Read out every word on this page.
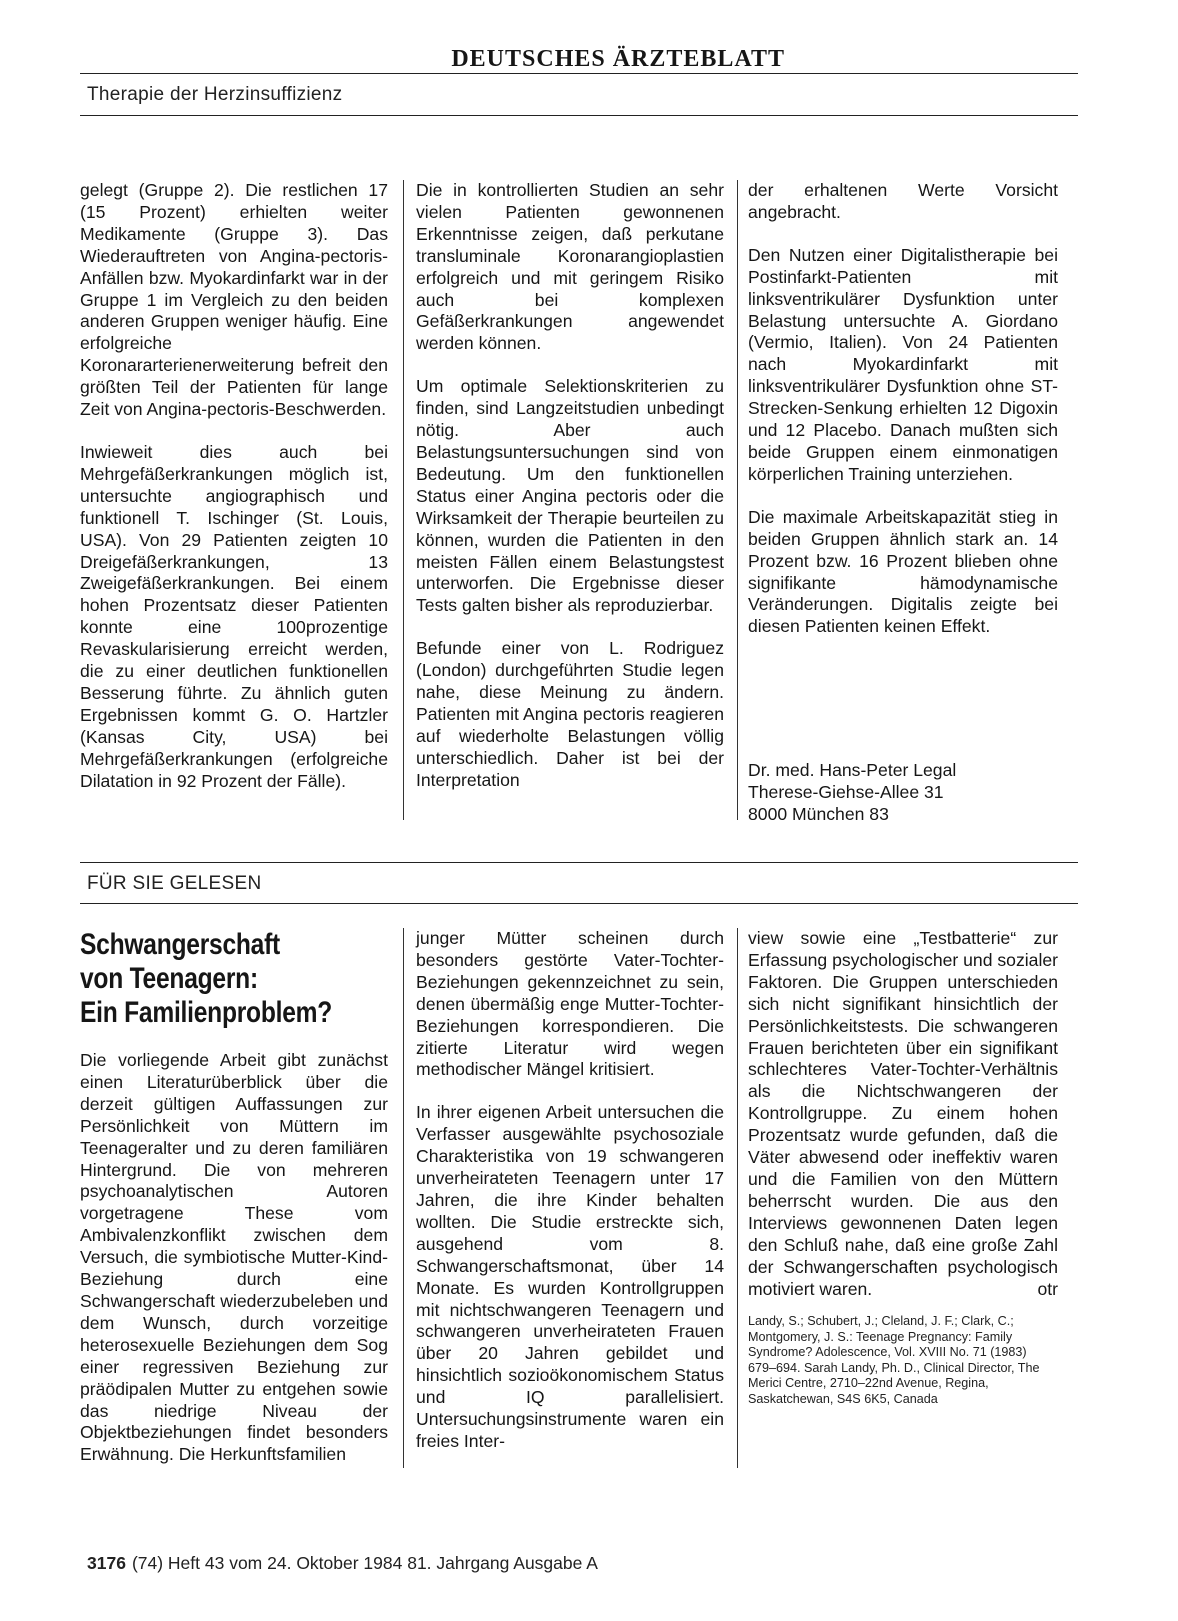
DEUTSCHES ÄRZTEBLATT
Therapie der Herzinsuffizienz

gelegt (Gruppe 2). Die restlichen 17 (15 Prozent) erhielten weiter Medikamente (Gruppe 3). Das Wiederauftreten von Angina-pectoris-Anfällen bzw. Myokardinfarkt war in der Gruppe 1 im Vergleich zu den beiden anderen Gruppen weniger häufig. Eine erfolgreiche Koronararterienerweiterung befreit den größten Teil der Patienten für lange Zeit von Angina-pectoris-Beschwerden.

Inwieweit dies auch bei Mehrgefäßerkrankungen möglich ist, untersuchte angiographisch und funktionell T. Ischinger (St. Louis, USA). Von 29 Patienten zeigten 10 Dreigefäßerkrankungen, 13 Zweigefäßerkrankungen. Bei einem hohen Prozentsatz dieser Patienten konnte eine 100prozentige Revaskularisierung erreicht werden, die zu einer deutlichen funktionellen Besserung führte. Zu ähnlich guten Ergebnissen kommt G. O. Hartzler (Kansas City, USA) bei Mehrgefäßerkrankungen (erfolgreiche Dilatation in 92 Prozent der Fälle).

Die in kontrollierten Studien an sehr vielen Patienten gewonnenen Erkenntnisse zeigen, daß perkutane transluminale Koronarangioplastien erfolgreich und mit geringem Risiko auch bei komplexen Gefäßerkrankungen angewendet werden können.

Um optimale Selektionskriterien zu finden, sind Langzeitstudien unbedingt nötig. Aber auch Belastungsuntersuchungen sind von Bedeutung. Um den funktionellen Status einer Angina pectoris oder die Wirksamkeit der Therapie beurteilen zu können, wurden die Patienten in den meisten Fällen einem Belastungstest unterworfen. Die Ergebnisse dieser Tests galten bisher als reproduzierbar.

Befunde einer von L. Rodriguez (London) durchgeführten Studie legen nahe, diese Meinung zu ändern. Patienten mit Angina pectoris reagieren auf wiederholte Belastungen völlig unterschiedlich. Daher ist bei der Interpretation

der erhaltenen Werte Vorsicht angebracht.

Den Nutzen einer Digitalistherapie bei Postinfarkt-Patienten mit linksventrikulärer Dysfunktion unter Belastung untersuchte A. Giordano (Vermio, Italien). Von 24 Patienten nach Myokardinfarkt mit linksventrikulärer Dysfunktion ohne ST-Strecken-Senkung erhielten 12 Digoxin und 12 Placebo. Danach mußten sich beide Gruppen einem einmonatigen körperlichen Training unterziehen.

Die maximale Arbeitskapazität stieg in beiden Gruppen ähnlich stark an. 14 Prozent bzw. 16 Prozent blieben ohne signifikante hämodynamische Veränderungen. Digitalis zeigte bei diesen Patienten keinen Effekt.

Dr. med. Hans-Peter Legal
Therese-Giehse-Allee 31
8000 München 83
FÜR SIE GELESEN
Schwangerschaft
von Teenagern:
Ein Familienproblem?

Die vorliegende Arbeit gibt zunächst einen Literaturüberblick über die derzeit gültigen Auffassungen zur Persönlichkeit von Müttern im Teenageralter und zu deren familiären Hintergrund. Die von mehreren psychoanalytischen Autoren vorgetragene These vom Ambivalenzkonflikt zwischen dem Versuch, die symbiotische Mutter-Kind-Beziehung durch eine Schwangerschaft wiederzubeleben und dem Wunsch, durch vorzeitige heterosexuelle Beziehungen dem Sog einer regressiven Beziehung zur präödipalen Mutter zu entgehen sowie das niedrige Niveau der Objektbeziehungen findet besonders Erwähnung. Die Herkunftsfamilien

junger Mütter scheinen durch besonders gestörte Vater-Tochter-Beziehungen gekennzeichnet zu sein, denen übermäßig enge Mutter-Tochter-Beziehungen korrespondieren. Die zitierte Literatur wird wegen methodischer Mängel kritisiert.

In ihrer eigenen Arbeit untersuchen die Verfasser ausgewählte psychosoziale Charakteristika von 19 schwangeren unverheirateten Teenagern unter 17 Jahren, die ihre Kinder behalten wollten. Die Studie erstreckte sich, ausgehend vom 8. Schwangerschaftsmonat, über 14 Monate. Es wurden Kontrollgruppen mit nichtschwangeren Teenagern und schwangeren unverheirateten Frauen über 20 Jahren gebildet und hinsichtlich sozioökonomischem Status und IQ parallelisiert. Untersuchungsinstrumente waren ein freies Inter-

view sowie eine „Testbatterie“ zur Erfassung psychologischer und sozialer Faktoren. Die Gruppen unterschieden sich nicht signifikant hinsichtlich der Persönlichkeitstests. Die schwangeren Frauen berichteten über ein signifikant schlechteres Vater-Tochter-Verhältnis als die Nichtschwangeren der Kontrollgruppe. Zu einem hohen Prozentsatz wurde gefunden, daß die Väter abwesend oder ineffektiv waren und die Familien von den Müttern beherrscht wurden. Die aus den Interviews gewonnenen Daten legen den Schluß nahe, daß eine große Zahl der Schwangerschaften psychologisch motiviert waren.	otr

Landy, S.; Schubert, J.; Cleland, J. F.; Clark, C.; Montgomery, J. S.: Teenage Pregnancy: Family Syndrome? Adolescence, Vol. XVIII No. 71 (1983) 679–694. Sarah Landy, Ph. D., Clinical Director, The Merici Centre, 2710–22nd Avenue, Regina, Saskatchewan, S4S 6K5, Canada

3176 (74) Heft 43 vom 24. Oktober 1984 81. Jahrgang Ausgabe A
